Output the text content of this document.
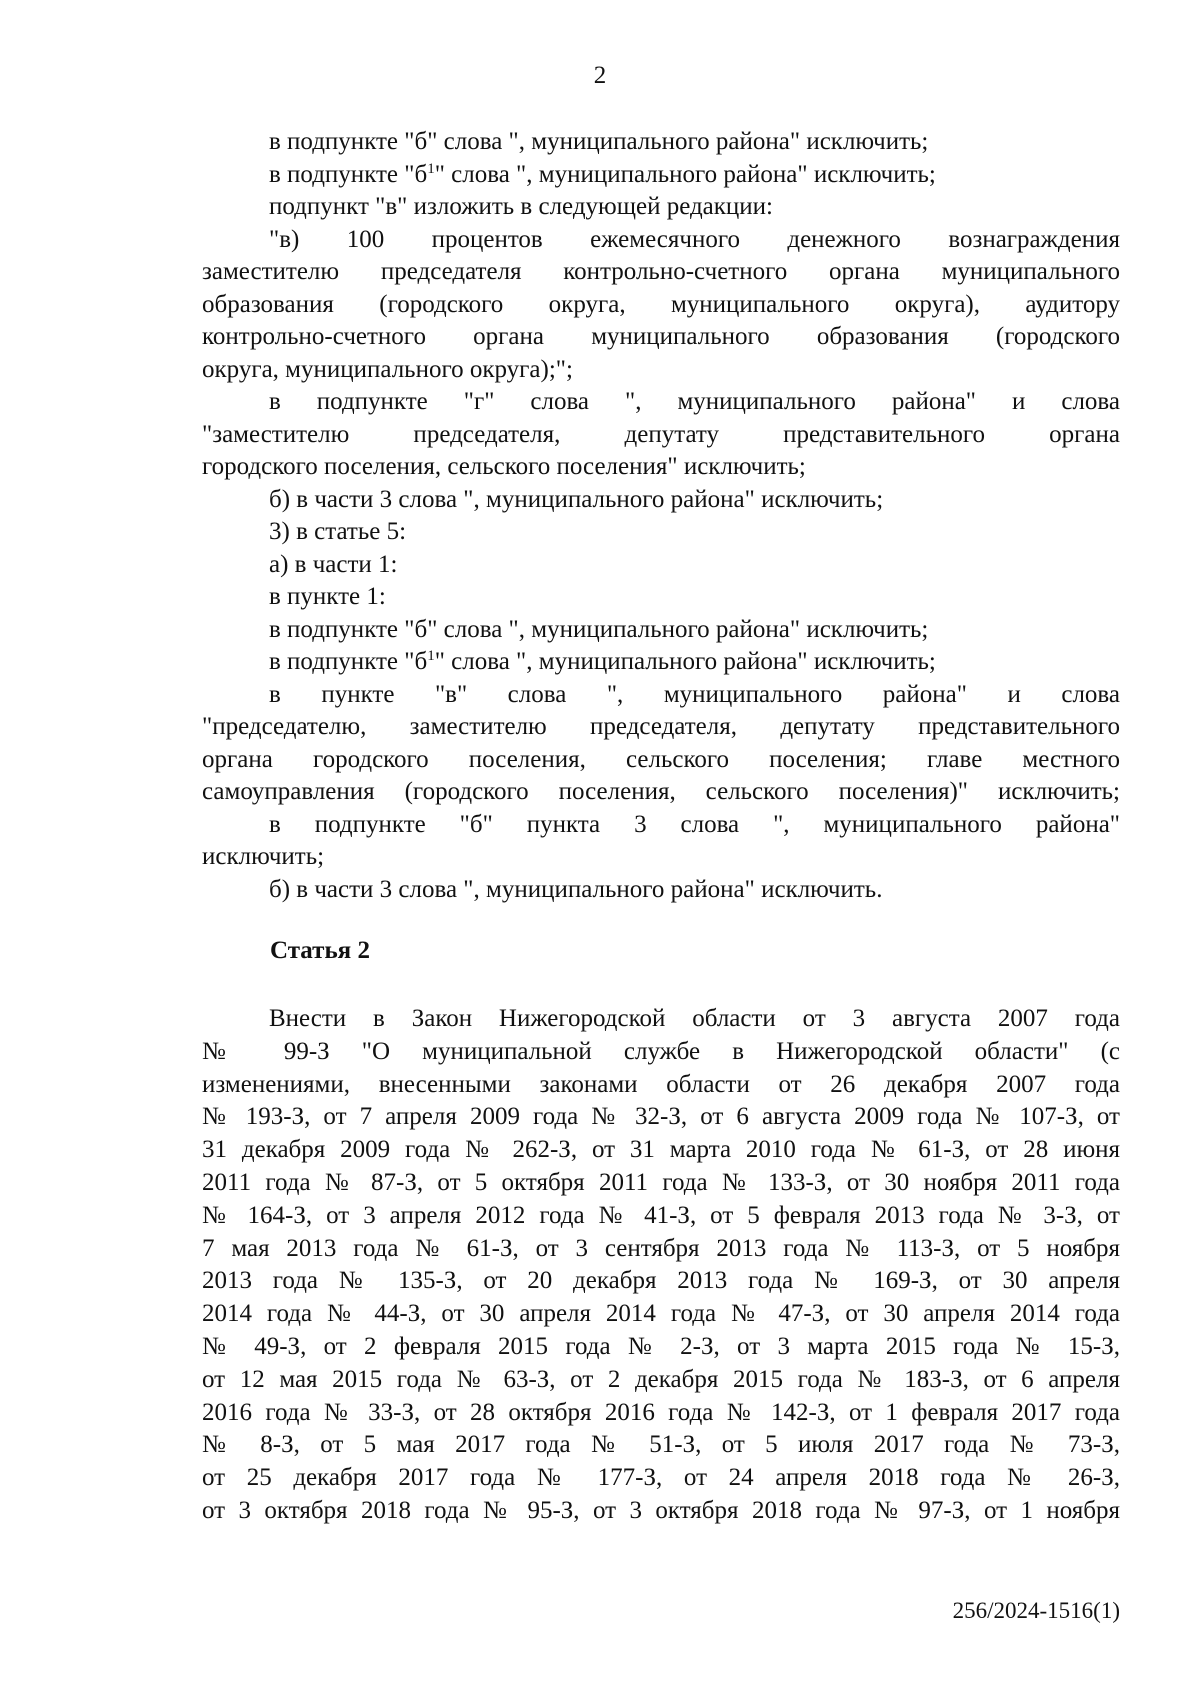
2
в подпункте "б" слова ", муниципального района" исключить;
в подпункте "$б^1$" слова ", муниципального района" исключить;
подпункт "в" изложить в следующей редакции:
"в) 100 процентов ежемесячного денежного вознаграждения
заместителю председателя контрольно-счетного органа муниципального
образования (городского округа, муниципального округа), аудитору
контрольно-счетного органа муниципального образования (городского
округа, муниципального округа);";
в подпункте "г" слова ", муниципального района" и слова
"заместителю председателя, депутату представительного органа
городского поселения, сельского поселения" исключить;
б) в части 3 слова ", муниципального района" исключить;
3) в статье 5:
а) в части 1:
в пункте 1:
в подпункте "б" слова ", муниципального района" исключить;
в подпункте "$б^1$" слова ", муниципального района" исключить;
в пункте "в" слова ", муниципального района" и слова
"председателю, заместителю председателя, депутату представительного
органа городского поселения, сельского поселения; главе местного
самоуправления (городского поселения, сельского поселения)" исключить;
в подпункте "б" пункта 3 слова ", муниципального района"
исключить;
б) в части 3 слова ", муниципального района" исключить.
Статья 2
Внести в Закон Нижегородской области от 3 августа 2007 года
№ 99-З "О муниципальной службе в Нижегородской области" (с
изменениями, внесенными законами области от 26 декабря 2007 года
№ 193-З, от 7 апреля 2009 года № 32-З, от 6 августа 2009 года № 107-З, от
31 декабря 2009 года № 262-З, от 31 марта 2010 года № 61-З, от 28 июня
2011 года № 87-З, от 5 октября 2011 года № 133-З, от 30 ноября 2011 года
№ 164-З, от 3 апреля 2012 года № 41-З, от 5 февраля 2013 года № 3-З, от
7 мая 2013 года № 61-З, от 3 сентября 2013 года № 113-З, от 5 ноября
2013 года № 135-З, от 20 декабря 2013 года № 169-З, от 30 апреля
2014 года № 44-З, от 30 апреля 2014 года № 47-З, от 30 апреля 2014 года
№ 49-З, от 2 февраля 2015 года № 2-З, от 3 марта 2015 года № 15-З,
от 12 мая 2015 года № 63-З, от 2 декабря 2015 года № 183-З, от 6 апреля
2016 года № 33-З, от 28 октября 2016 года № 142-З, от 1 февраля 2017 года
№ 8-З, от 5 мая 2017 года № 51-З, от 5 июля 2017 года № 73-З,
от 25 декабря 2017 года № 177-З, от 24 апреля 2018 года № 26-З,
от 3 октября 2018 года № 95-З, от 3 октября 2018 года № 97-З, от 1 ноября
256/2024-1516(1)
